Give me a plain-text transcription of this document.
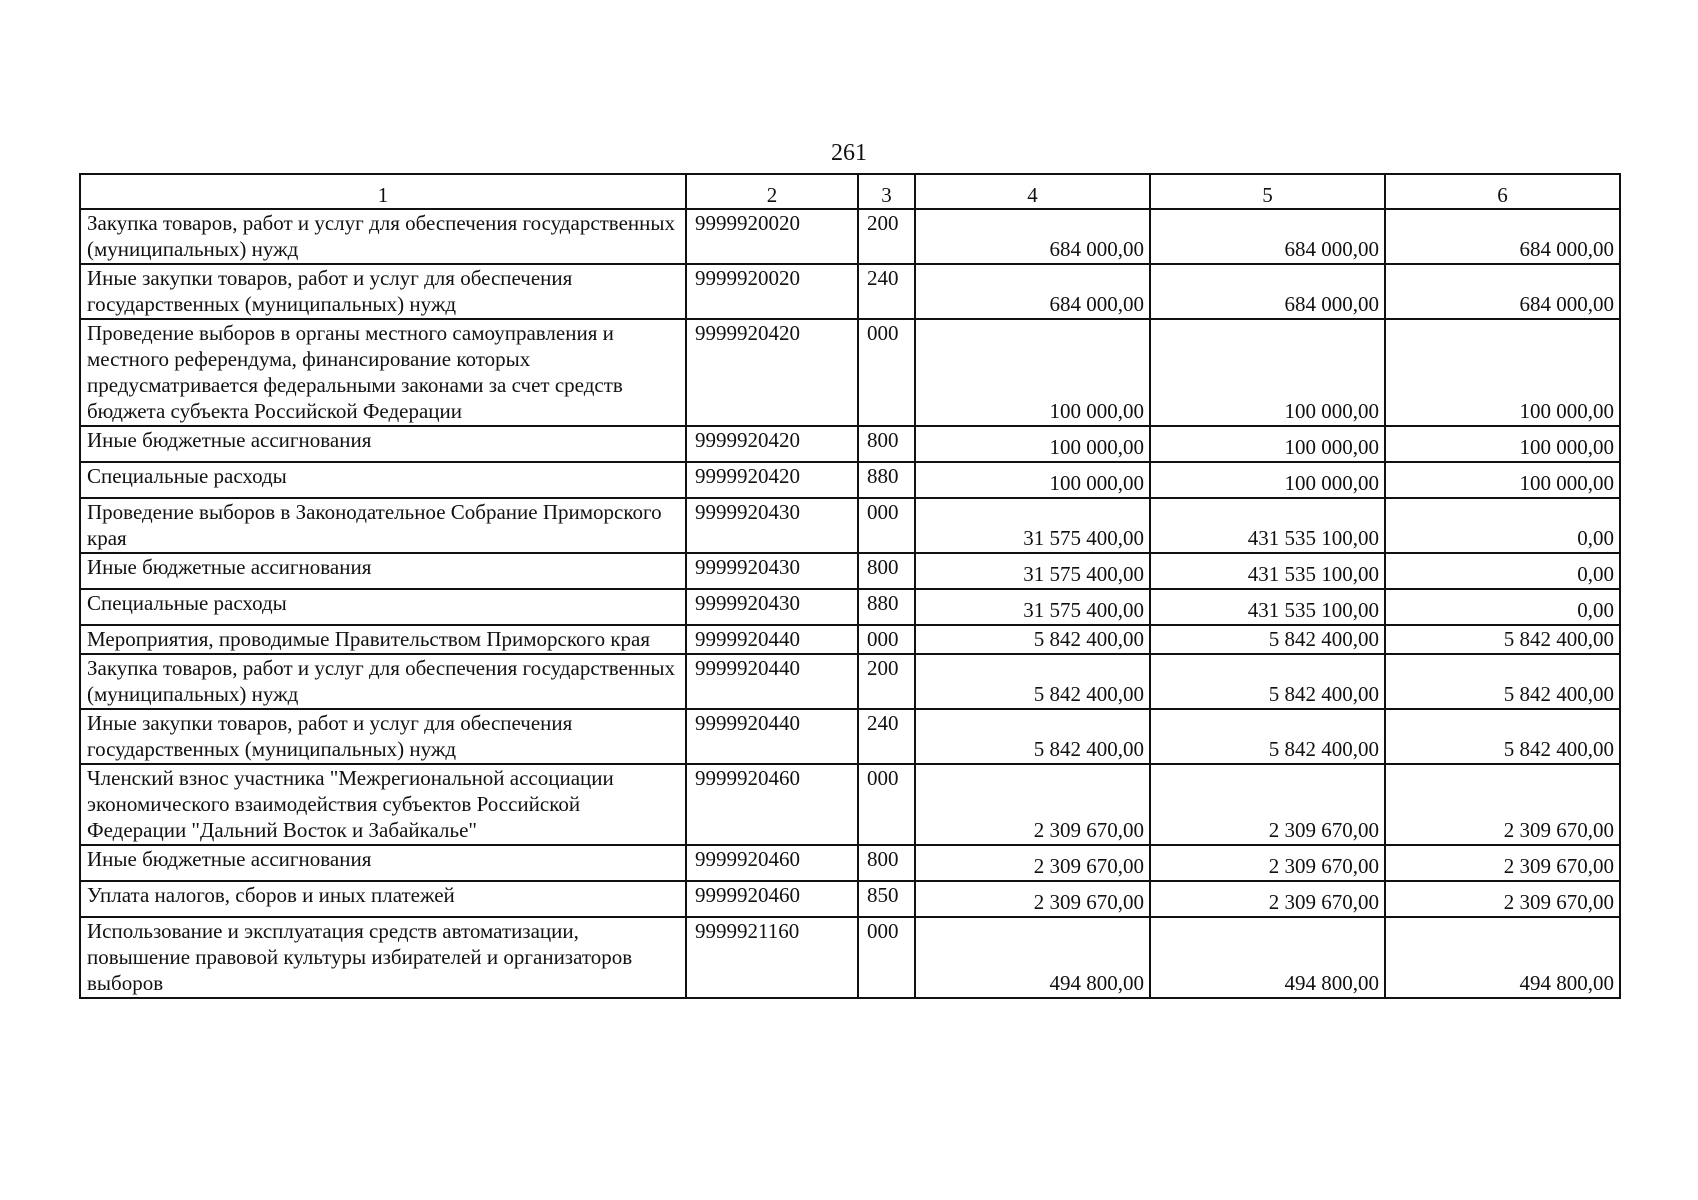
261
1	2	3	4	5	6
Закупка товаров, работ и услуг для обеспечения государственных (муниципальных) нужд	9999920020	200	684 000,00	684 000,00	684 000,00
Иные закупки товаров, работ и услуг для обеспечения государственных (муниципальных) нужд	9999920020	240	684 000,00	684 000,00	684 000,00
Проведение выборов в органы местного самоуправления и местного референдума, финансирование которых предусматривается федеральными законами за счет средств бюджета субъекта Российской Федерации	9999920420	000	100 000,00	100 000,00	100 000,00
Иные бюджетные ассигнования	9999920420	800	100 000,00	100 000,00	100 000,00
Специальные расходы	9999920420	880	100 000,00	100 000,00	100 000,00
Проведение выборов в Законодательное Собрание Приморского края	9999920430	000	31 575 400,00	431 535 100,00	0,00
Иные бюджетные ассигнования	9999920430	800	31 575 400,00	431 535 100,00	0,00
Специальные расходы	9999920430	880	31 575 400,00	431 535 100,00	0,00
Мероприятия, проводимые Правительством Приморского края	9999920440	000	5 842 400,00	5 842 400,00	5 842 400,00
Закупка товаров, работ и услуг для обеспечения государственных (муниципальных) нужд	9999920440	200	5 842 400,00	5 842 400,00	5 842 400,00
Иные закупки товаров, работ и услуг для обеспечения государственных (муниципальных) нужд	9999920440	240	5 842 400,00	5 842 400,00	5 842 400,00
Членский взнос участника "Межрегиональной ассоциации экономического взаимодействия субъектов Российской Федерации "Дальний Восток и Забайкалье"	9999920460	000	2 309 670,00	2 309 670,00	2 309 670,00
Иные бюджетные ассигнования	9999920460	800	2 309 670,00	2 309 670,00	2 309 670,00
Уплата налогов, сборов и иных платежей	9999920460	850	2 309 670,00	2 309 670,00	2 309 670,00
Использование и эксплуатация средств автоматизации, повышение правовой культуры избирателей и организаторов выборов	9999921160	000	494 800,00	494 800,00	494 800,00
